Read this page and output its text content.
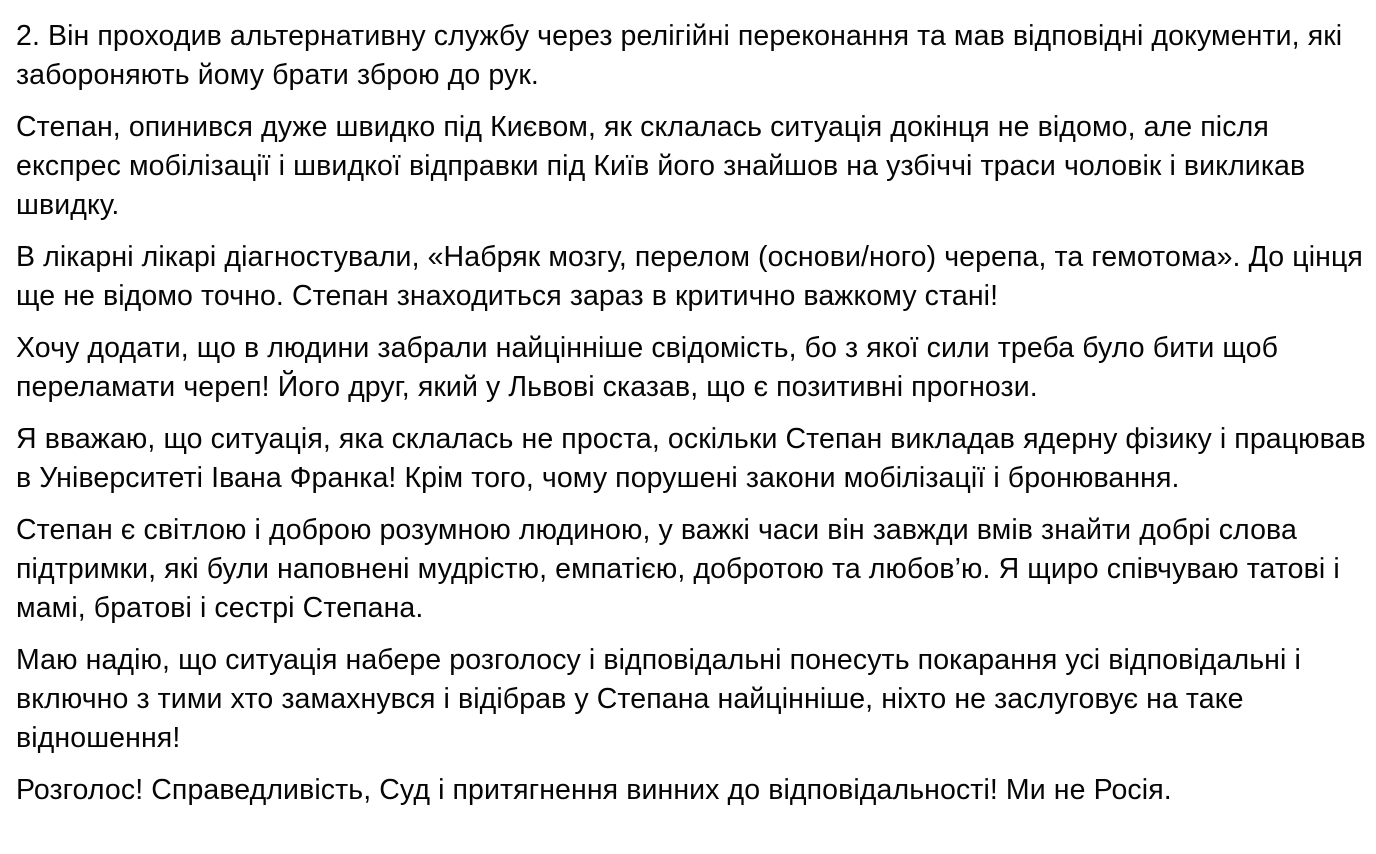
2. Він проходив альтернативну службу через релігійні переконання та мав відповідні документи, які забороняють йому брати зброю до рук.

Степан, опинився дуже швидко під Києвом, як склалась ситуація докінця не відомо, але після експрес мобілізації і швидкої відправки під Київ його знайшов на узбіччі траси чоловік і викликав швидку.

В лікарні лікарі діагностували, «Набряк мозгу, перелом (основи/ного) черепа, та гемотома». До цінця ще не відомо точно. Степан знаходиться зараз в критично важкому стані!

Хочу додати, що в людини забрали найцінніше свідомість, бо з якої сили треба було бити щоб переламати череп! Його друг, який у Львові сказав, що є позитивні прогнози.

Я вважаю, що ситуація, яка склалась не проста, оскільки Степан викладав ядерну фізику і працював в Університеті Івана Франка! Крім того, чому порушені закони мобілізації і бронювання.

Степан є світлою і доброю розумною людиною, у важкі часи він завжди вмів знайти добрі слова підтримки, які були наповнені мудрістю, емпатією, добротою та любов’ю. Я щиро співчуваю татові і мамі, братові і сестрі Степана.

Маю надію, що ситуація набере розголосу і відповідальні понесуть покарання усі відповідальні і включно з тими хто замахнувся і відібрав у Степана найцінніше, ніхто не заслуговує на таке відношення!

Розголос! Справедливість, Суд і притягнення винних до відповідальності! Ми не Росія.
